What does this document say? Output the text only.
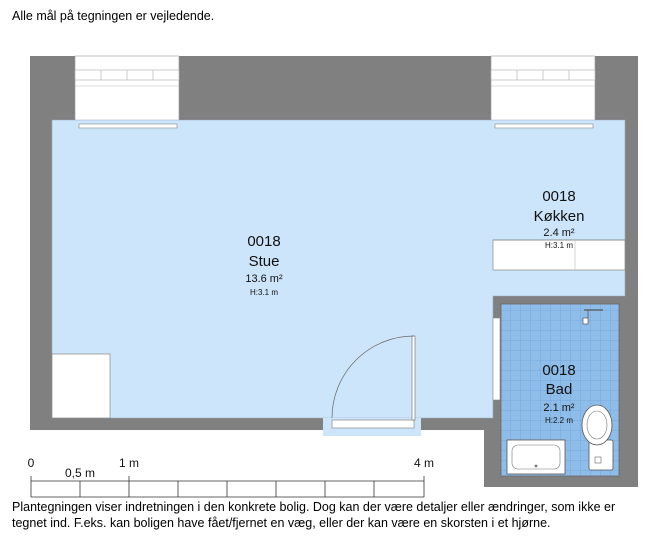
Alle mål på tegningen er vejledende.
0018
Stue
13.6 m²
H:3.1 m
0018
Køkken
2.4 m²
H:3.1 m
0018
Bad
2.1 m²
H:2.2 m
0
0,5 m
1 m	4 m
Plantegningen viser indretningen i den konkrete bolig. Dog kan der være detaljer eller ændringer, som ikke er tegnet ind. F.eks. kan boligen have fået/fjernet en væg, eller der kan være en skorsten i et hjørne.
